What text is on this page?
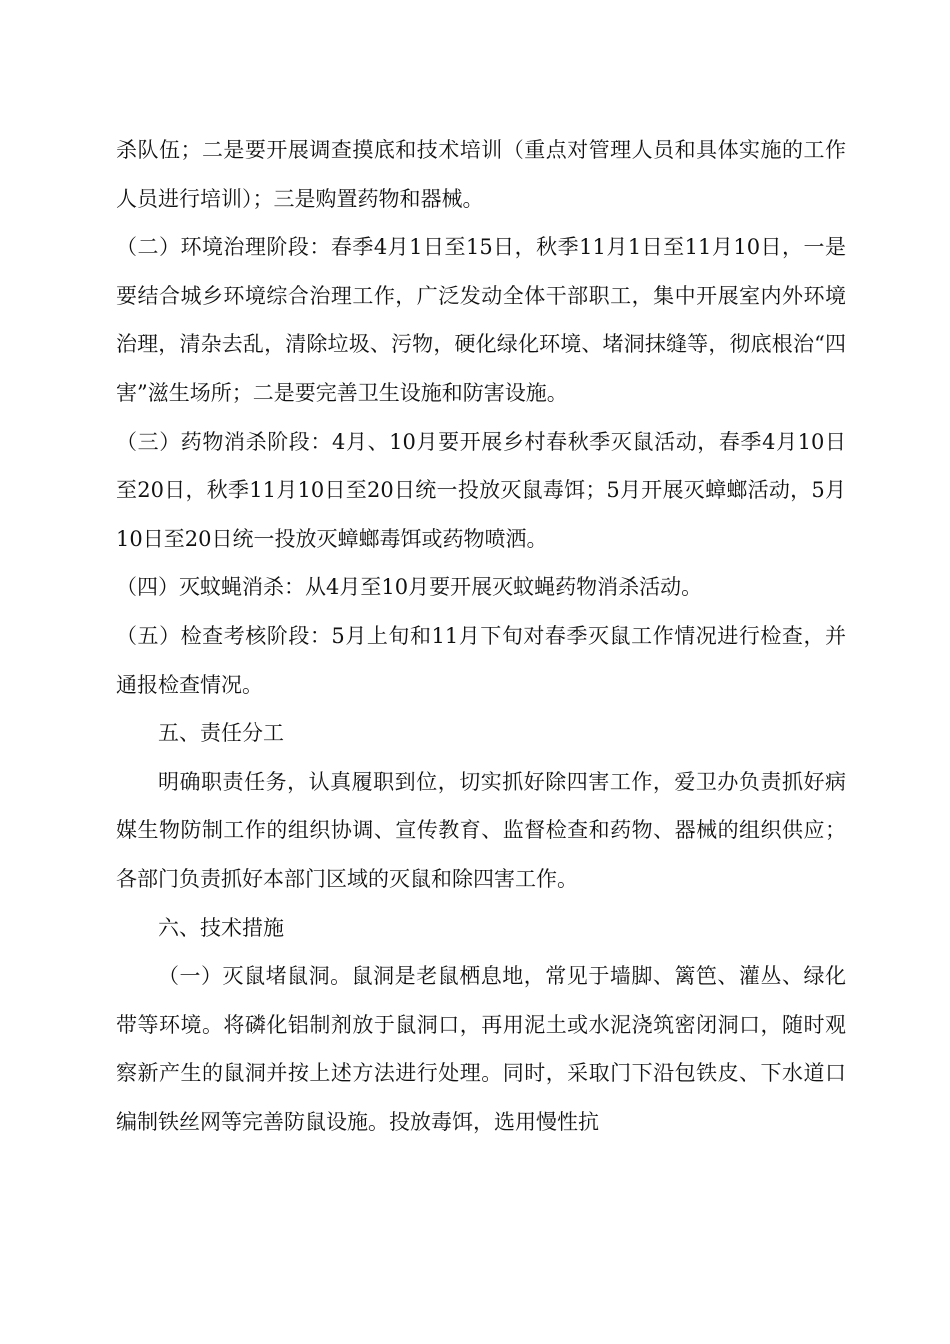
杀队伍；二是要开展调查摸底和技术培训（重点对管理人员和具体实施的工作人员进行培训）；三是购置药物和器械。

（二）环境治理阶段：春季4月1日至15日，秋季11月1日至11月10日，一是要结合城乡环境综合治理工作，广泛发动全体干部职工，集中开展室内外环境治理，清杂去乱，清除垃圾、污物，硬化绿化环境、堵洞抹缝等，彻底根治“四害”滋生场所；二是要完善卫生设施和防害设施。

（三）药物消杀阶段：4月、10月要开展乡村春秋季灭鼠活动，春季4月10日至20日，秋季11月10日至20日统一投放灭鼠毒饵；5月开展灭蟑螂活动，5月10日至20日统一投放灭蟑螂毒饵或药物喷洒。

（四）灭蚊蝇消杀：从4月至10月要开展灭蚊蝇药物消杀活动。

（五）检查考核阶段：5月上旬和11月下旬对春季灭鼠工作情况进行检查，并通报检查情况。

五、责任分工

明确职责任务，认真履职到位，切实抓好除四害工作，爱卫办负责抓好病媒生物防制工作的组织协调、宣传教育、监督检查和药物、器械的组织供应；各部门负责抓好本部门区域的灭鼠和除四害工作。

六、技术措施

（一）灭鼠堵鼠洞。鼠洞是老鼠栖息地，常见于墙脚、篱笆、灌丛、绿化带等环境。将磷化铝制剂放于鼠洞口，再用泥土或水泥浇筑密闭洞口，随时观察新产生的鼠洞并按上述方法进行处理。同时，采取门下沿包铁皮、下水道口编制铁丝网等完善防鼠设施。投放毒饵，选用慢性抗
